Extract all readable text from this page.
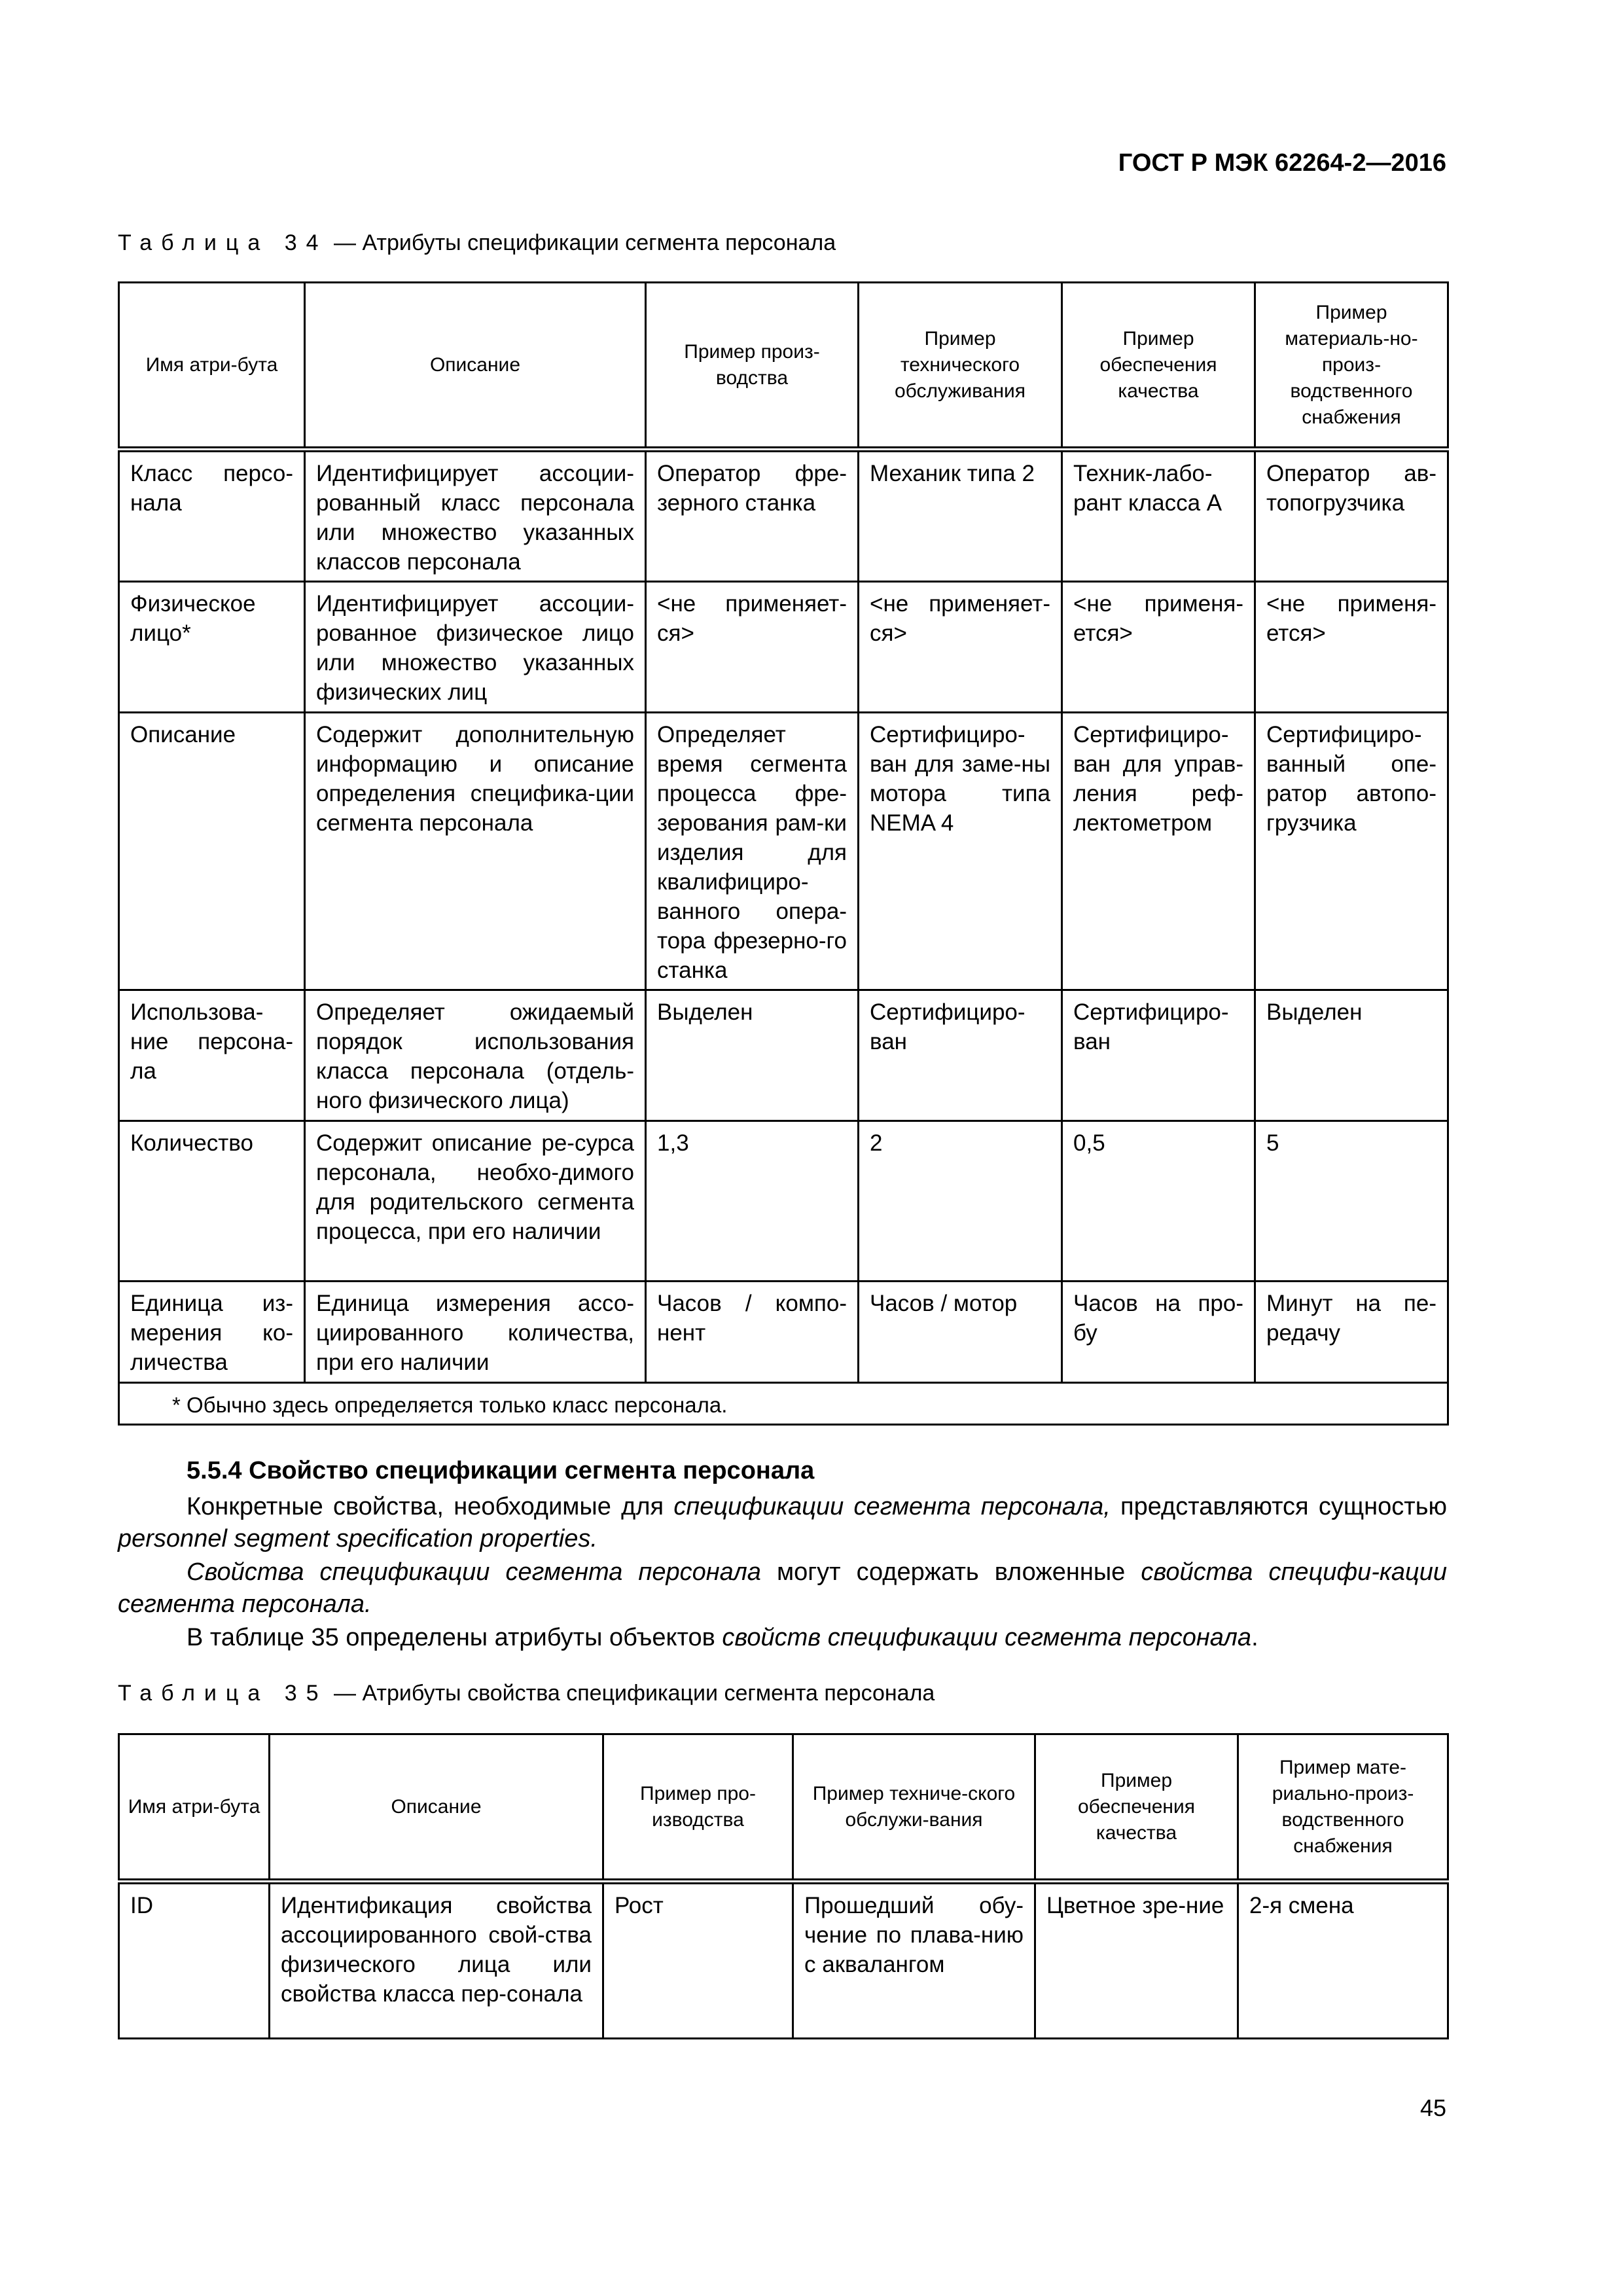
ГОСТ Р МЭК 62264-2—2016
Таблица 34 — Атрибуты спецификации сегмента персонала
Имя атри-бута	Описание	Пример произ-водства	Пример технического обслуживания	Пример обеспечения качества	Пример материаль-но-произ-водственного снабжения
Класс персо-нала	Идентифицирует ассоции-рованный класс персонала или множество указанных классов персонала	Оператор фре-зерного станка	Механик типа 2	Техник-лабо-рант класса А	Оператор ав-топогрузчика
Физическое лицо*	Идентифицирует ассоции-рованное физическое лицо или множество указанных физических лиц	<не применяет-ся>	<не применяет-ся>	<не применя-ется>	<не применя-ется>
Описание	Содержит дополнительную информацию и описание определения специфика-ции сегмента персонала	Определяет время сегмента процесса фре-зерования рам-ки изделия для квалифициро-ванного опера-тора фрезерно-го станка	Сертифициро-ван для заме-ны мотора типа NEMA 4	Сертифициро-ван для управ-ления реф-лектометром	Сертифициро-ванный опе-ратор автопо-грузчика
Использова-ние персона-ла	Определяет ожидаемый порядок использования класса персонала (отдель-ного физического лица)	Выделен	Сертифициро-ван	Сертифициро-ван	Выделен
Количество	Содержит описание ре-сурса персонала, необхо-димого для родительского сегмента процесса, при его наличии	1,3	2	0,5	5
Единица из-мерения ко-личества	Единица измерения ассо-циированного количества, при его наличии	Часов / компо-нент	Часов / мотор	Часов на про-бу	Минут на пе-редачу
* Обычно здесь определяется только класс персонала.					
5.5.4 Свойство спецификации сегмента персонала
Конкретные свойства, необходимые для спецификации сегмента персонала, представляются сущностью personnel segment specification properties.
Свойства спецификации сегмента персонала могут содержать вложенные свойства специфи-кации сегмента персонала.
В таблице 35 определены атрибуты объектов свойств спецификации сегмента персонала.
Таблица 35 — Атрибуты свойства спецификации сегмента персонала
Имя атри-бута	Описание	Пример про-изводства	Пример техниче-ского обслужи-вания	Пример обеспечения качества	Пример мате-риально-произ-водственного снабжения
ID	Идентификация свойства ассоциированного свой-ства физического лица или свойства класса пер-сонала	Рост	Прошедший обу-чение по плава-нию с аквалангом	Цветное зре-ние	2-я смена
45
